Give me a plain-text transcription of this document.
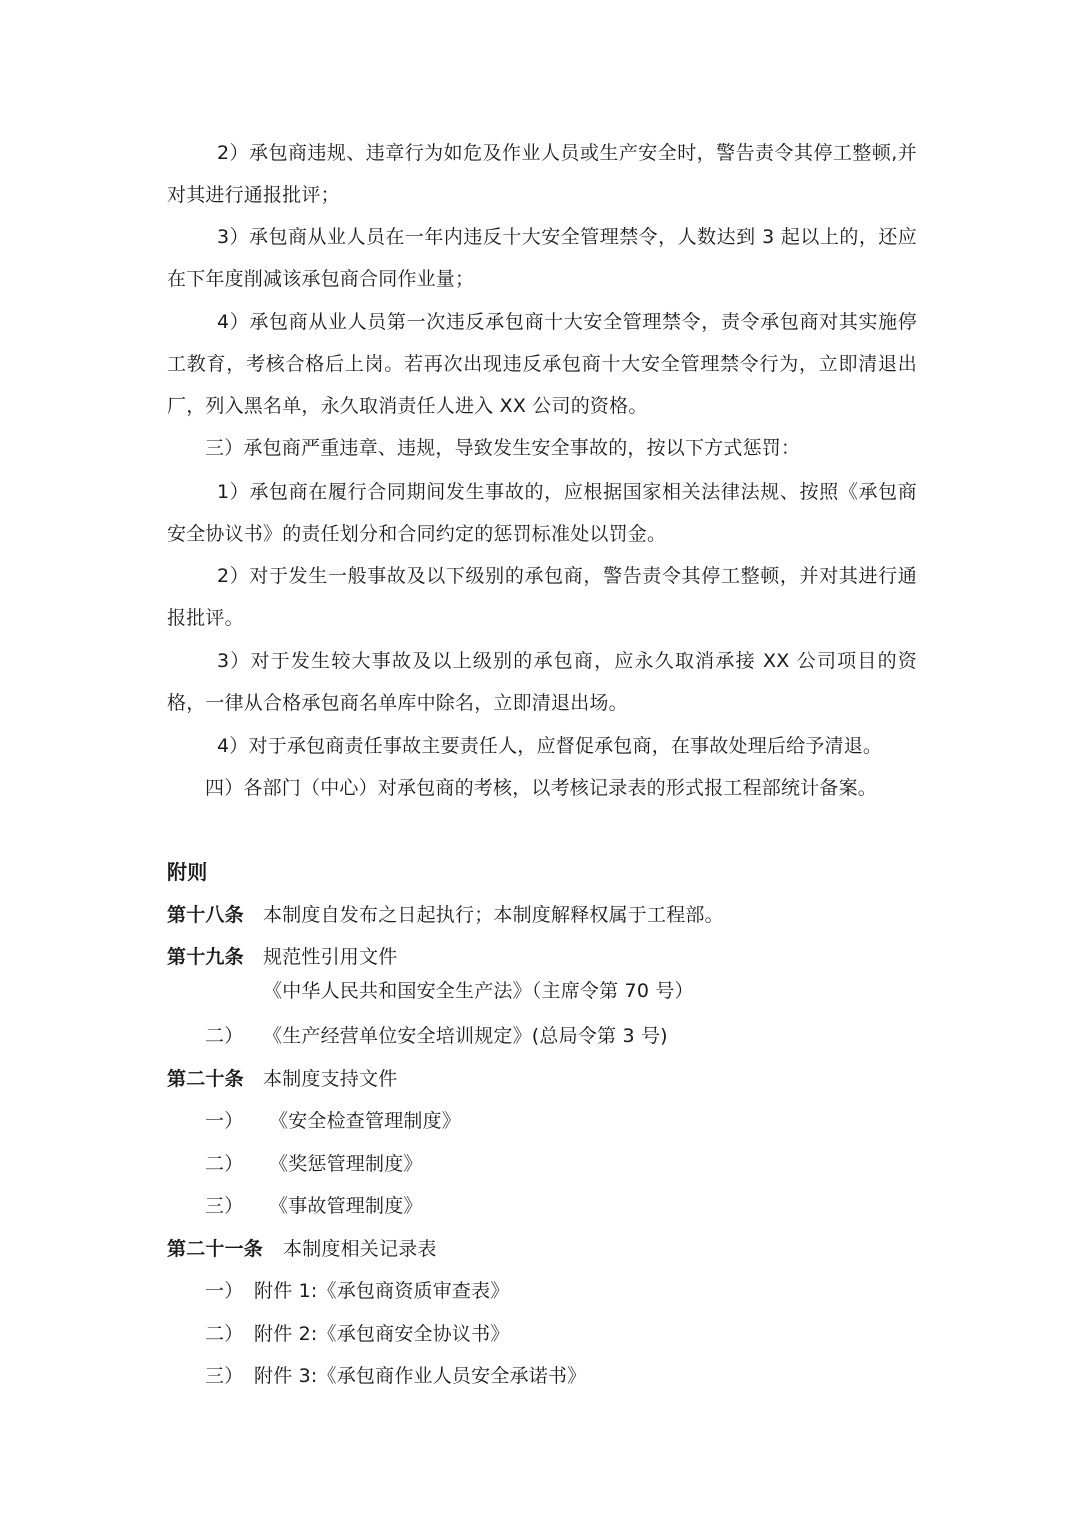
2）承包商违规、违章行为如危及作业人员或生产安全时，警告责令其停工整顿,并对其进行通报批评；

3）承包商从业人员在一年内违反十大安全管理禁令，人数达到 3 起以上的，还应在下年度削减该承包商合同作业量；

4）承包商从业人员第一次违反承包商十大安全管理禁令，责令承包商对其实施停工教育，考核合格后上岗。若再次出现违反承包商十大安全管理禁令行为，立即清退出厂，列入黑名单，永久取消责任人进入 XX 公司的资格。

三）承包商严重违章、违规，导致发生安全事故的，按以下方式惩罚：

1）承包商在履行合同期间发生事故的，应根据国家相关法律法规、按照《承包商安全协议书》的责任划分和合同约定的惩罚标准处以罚金。

2）对于发生一般事故及以下级别的承包商，警告责令其停工整顿，并对其进行通报批评。

3）对于发生较大事故及以上级别的承包商，应永久取消承接 XX 公司项目的资格，一律从合格承包商名单库中除名，立即清退出场。

4）对于承包商责任事故主要责任人，应督促承包商，在事故处理后给予清退。

四）各部门（中心）对承包商的考核，以考核记录表的形式报工程部统计备案。

附则

第十八条 本制度自发布之日起执行；本制度解释权属于工程部。

第十九条 规范性引用文件

《中华人民共和国安全生产法》（主席令第 70 号）

二） 《生产经营单位安全培训规定》(总局令第 3 号)

第二十条 本制度支持文件

一） 《安全检查管理制度》

二） 《奖惩管理制度》

三） 《事故管理制度》

第二十一条 本制度相关记录表

一） 附件 1:《承包商资质审查表》

二） 附件 2:《承包商安全协议书》

三） 附件 3:《承包商作业人员安全承诺书》
